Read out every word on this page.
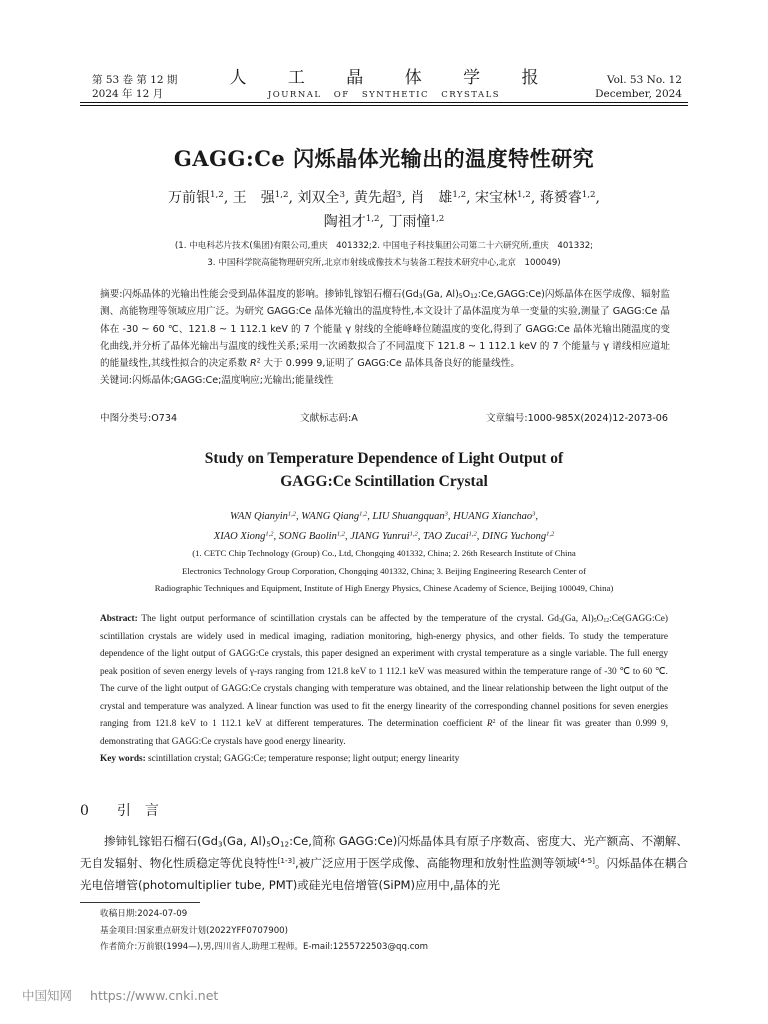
第 53 卷 第 12 期
2024 年 12 月
人 工 晶 体 学 报
JOURNAL OF SYNTHETIC CRYSTALS
Vol. 53 No. 12
December, 2024
GAGG:Ce 闪烁晶体光输出的温度特性研究
万前银$^{1,2}$, 王　强$^{1,2}$, 刘双全$^3$, 黄先超$^3$, 肖　雄$^{1,2}$, 宋宝林$^{1,2}$, 蒋赟睿$^{1,2}$,
陶祖才$^{1,2}$, 丁雨憧$^{1,2}$
(1. 中电科芯片技术(集团)有限公司,重庆　401332;2. 中国电子科技集团公司第二十六研究所,重庆　401332;
3. 中国科学院高能物理研究所,北京市射线成像技术与装备工程技术研究中心,北京　100049)
摘要:闪烁晶体的光输出性能会受到晶体温度的影响。掺铈钆镓铝石榴石($Gd_3(Ga$, $Al)_5O_{12}:Ce,GAGG:Ce$)闪烁晶体在医学成像、辐射监测、高能物理等领域应用广泛。为研究 GAGG:Ce 晶体光输出的温度特性,本文设计了晶体温度为单一变量的实验,测量了 GAGG:Ce 晶体在 -30 ~ 60 ℃、121.8 ~ 1 112.1 keV 的 7 个能量 γ 射线的全能峰峰位随温度的变化,得到了 GAGG:Ce 晶体光输出随温度的变化曲线,并分析了晶体光输出与温度的线性关系;采用一次函数拟合了不同温度下 121.8 ~ 1 112.1 keV 的 7 个能量与 γ 谱线相应道址的能量线性,其线性拟合的决定系数 $R^2$ 大于 0.999 9,证明了 GAGG:Ce 晶体具备良好的能量线性。
关键词:闪烁晶体;GAGG:Ce;温度响应;光输出;能量线性
中图分类号:O734	文献标志码:A	文章编号:1000-985X(2024)12-2073-06
Study on Temperature Dependence of Light Output of
GAGG:Ce Scintillation Crystal
WAN Qianyin$^{1,2}$, WANG Qiang$^{1,2}$, LIU Shuangquan$^3$, HUANG Xianchao$^3$,
XIAO Xiong$^{1,2}$, SONG Baolin$^{1,2}$, JIANG Yunrui$^{1,2}$, TAO Zucai$^{1,2}$, DING Yuchong$^{1,2}$
(1. CETC Chip Technology (Group) Co., Ltd, Chongqing 401332, China; 2. 26th Research Institute of China
Electronics Technology Group Corporation, Chongqing 401332, China; 3. Beijing Engineering Research Center of
Radiographic Techniques and Equipment, Institute of High Energy Physics, Chinese Academy of Science, Beijing 100049, China)
Abstract: The light output performance of scintillation crystals can be affected by the temperature of the crystal. $Gd_3(Ga$, $Al)_5O_{12}:Ce(GAGG:Ce)$ scintillation crystals are widely used in medical imaging, radiation monitoring, high-energy physics, and other fields. To study the temperature dependence of the light output of GAGG:Ce crystals, this paper designed an experiment with crystal temperature as a single variable. The full energy peak position of seven energy levels of γ-rays ranging from 121.8 keV to 1 112.1 keV was measured within the temperature range of -30 ℃ to 60 ℃. The curve of the light output of GAGG:Ce crystals changing with temperature was obtained, and the linear relationship between the light output of the crystal and temperature was analyzed. A linear function was used to fit the energy linearity of the corresponding channel positions for seven energies ranging from 121.8 keV to 1 112.1 keV at different temperatures. The determination coefficient $R^2$ of the linear fit was greater than 0.999 9, demonstrating that GAGG:Ce crystals have good energy linearity.
Key words: scintillation crystal; GAGG:Ce; temperature response; light output; energy linearity
0 引　言
掺铈钆镓铝石榴石($Gd_3(Ga$, $Al)_5O_{12}:Ce$,简称 GAGG:Ce)闪烁晶体具有原子序数高、密度大、光产额高、不潮解、无自发辐射、物化性质稳定等优良特性[1-3],被广泛应用于医学成像、高能物理和放射性监测等领域[4-5]。闪烁晶体在耦合光电倍增管(photomultiplier tube, PMT)或硅光电倍增管(SiPM)应用中,晶体的光
收稿日期:2024-07-09
基金项目:国家重点研发计划(2022YFF0707900)
作者简介:万前银(1994—),男,四川省人,助理工程师。E-mail:1255722503@qq.com
中国知网 https://www.cnki.net
